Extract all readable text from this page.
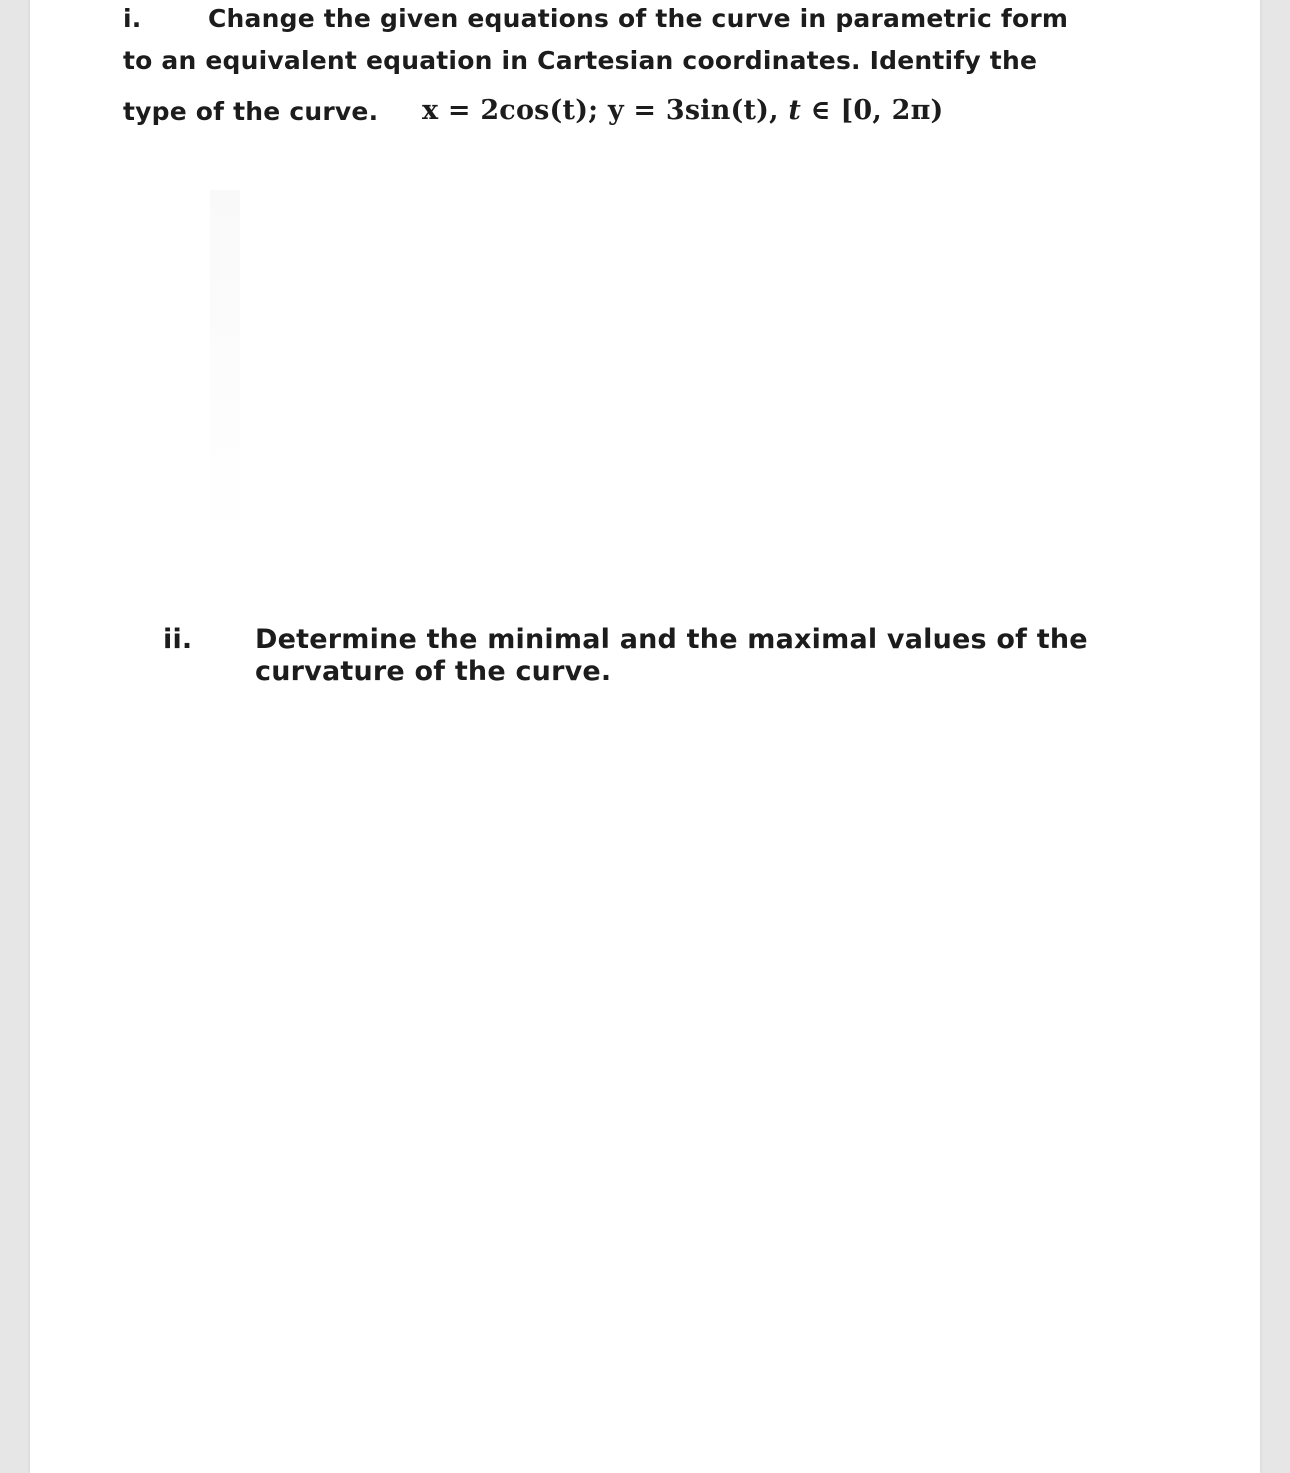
i.	Change the given equations of the curve in parametric form
to an equivalent equation in Cartesian coordinates. Identify the
type of the curve. x = 2cos(t); y = 3sin(t), t ∈ [0, 2π)
ii. Determine the minimal and the maximal values of the
curvature of the curve.
